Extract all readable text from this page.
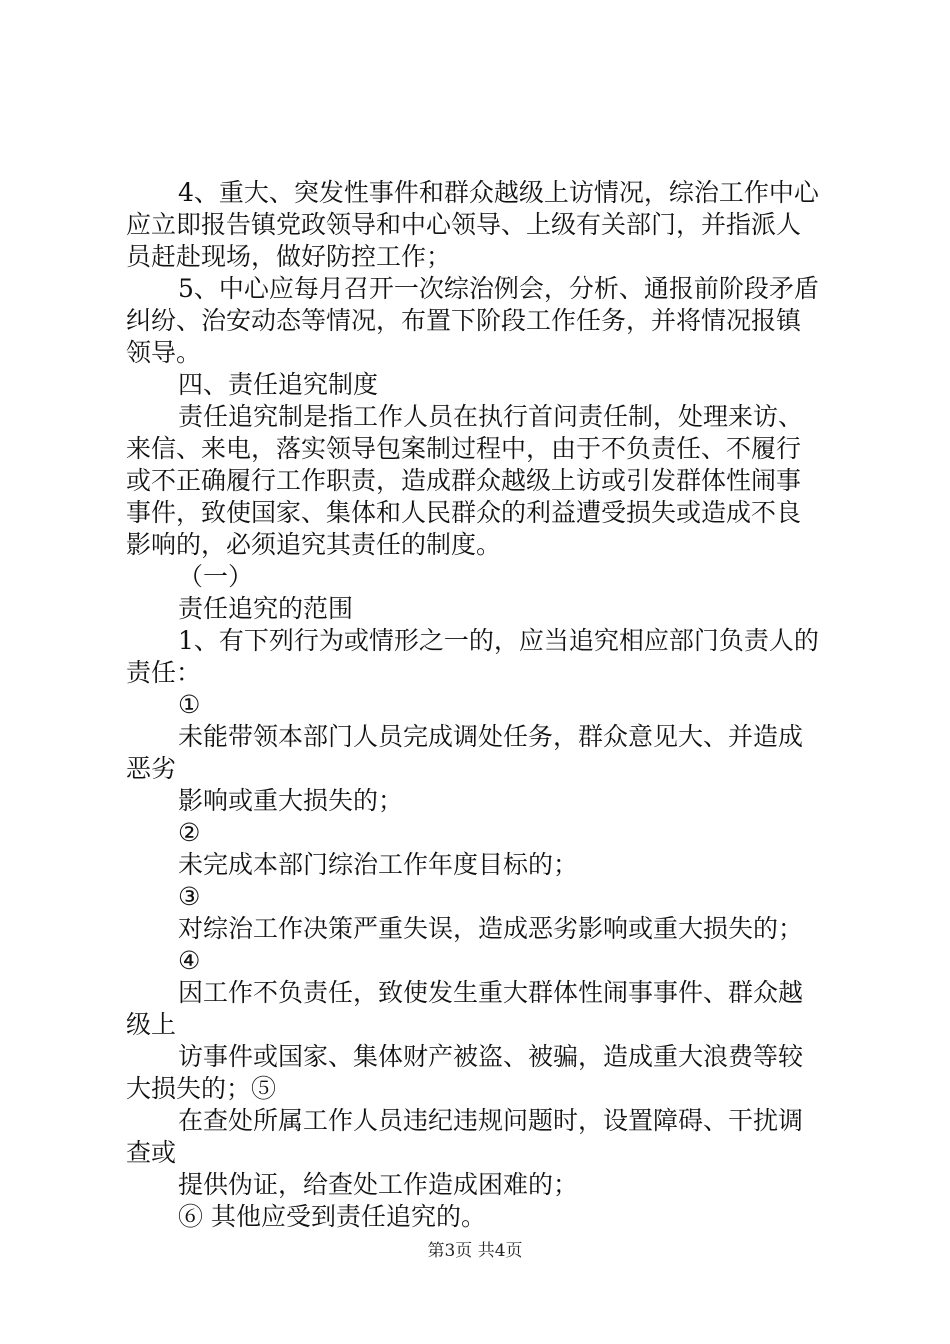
4、重大、突发性事件和群众越级上访情况，综治工作中心

应立即报告镇党政领导和中心领导、上级有关部门，并指派人

员赶赴现场，做好防控工作；

5、中心应每月召开一次综治例会，分析、通报前阶段矛盾

纠纷、治安动态等情况，布置下阶段工作任务，并将情况报镇

领导。

四、责任追究制度

责任追究制是指工作人员在执行首问责任制，处理来访、

来信、来电，落实领导包案制过程中，由于不负责任、不履行

或不正确履行工作职责，造成群众越级上访或引发群体性闹事

事件，致使国家、集体和人民群众的利益遭受损失或造成不良

影响的，必须追究其责任的制度。

（一）

责任追究的范围

1、有下列行为或情形之一的，应当追究相应部门负责人的

责任：

①

未能带领本部门人员完成调处任务，群众意见大、并造成

恶劣

影响或重大损失的；

②

未完成本部门综治工作年度目标的；

③

对综治工作决策严重失误，造成恶劣影响或重大损失的；

④

因工作不负责任，致使发生重大群体性闹事事件、群众越

级上

访事件或国家、集体财产被盗、被骗，造成重大浪费等较

大损失的；⑤

在查处所属工作人员违纪违规问题时，设置障碍、干扰调

查或

提供伪证，给查处工作造成困难的；

⑥ 其他应受到责任追究的。

第3页 共4页
